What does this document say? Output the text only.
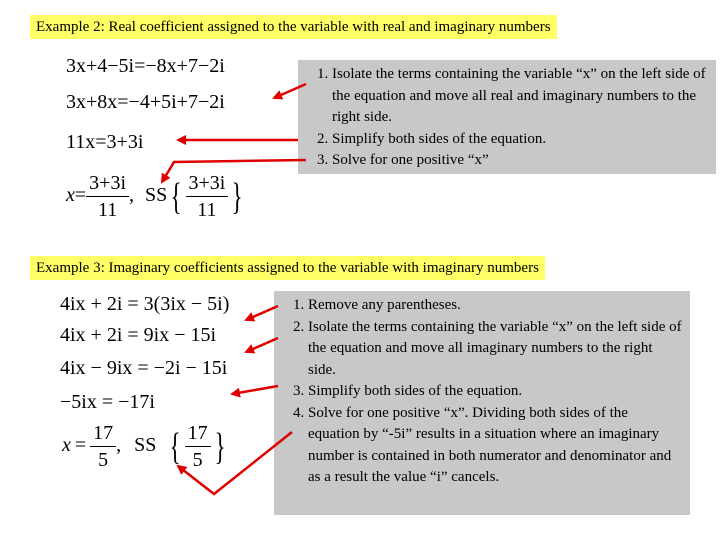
Example 2: Real coefficient assigned to the variable with real and imaginary numbers
3x+4−5i=−8x+7−2i
3x+8x=−4+5i+7−2i
11x=3+3i
$x= \frac{3+3i}{11}$ , $SS\{ \frac{3+3i}{11}$ }
1. Isolate the terms containing the variable “x” on the left side of the equation and move all real and imaginary numbers to the right side.
2. Simplify both sides of the equation.
3. Solve for one positive “x”
Example 3: Imaginary coefficients assigned to the variable with imaginary numbers
4ix + 2i = 3(3ix − 5i)
4ix + 2i = 9ix − 15i
4ix − 9ix = −2i − 15i
−5ix = −17i
$x = \frac{17}{5}$ , SS { $\frac{17}{5}$ }
1. Remove any parentheses.
2. Isolate the terms containing the variable “x” on the left side of the equation and move all imaginary numbers to the right side.
3. Simplify both sides of the equation.
4. Solve for one positive “x”. Dividing both sides of the equation by “-5i” results in a situation where an imaginary number is contained in both numerator and denominator and as a result the value “i” cancels.
